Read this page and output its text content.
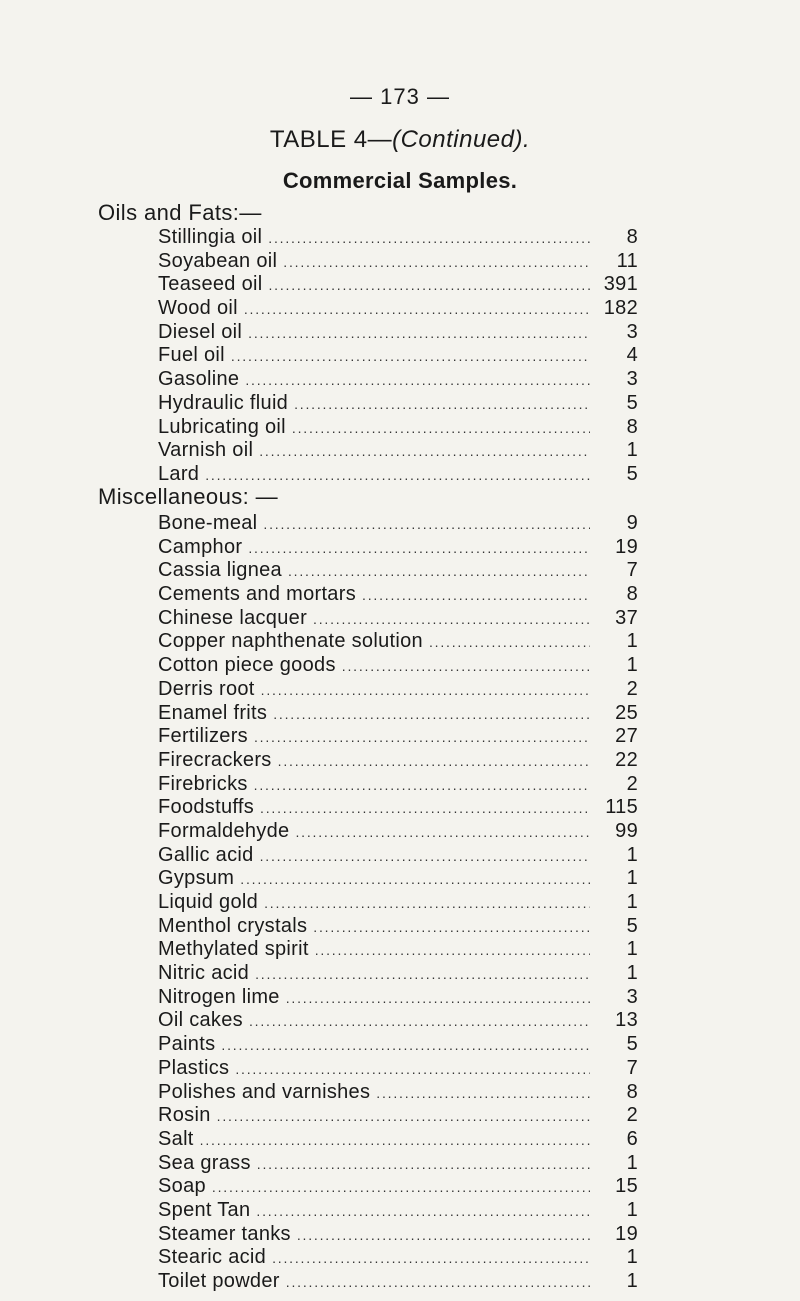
— 173 —
TABLE 4—(Continued).
Commercial Samples.
Oils and Fats:—
Stillingia oil .....	8
Soyabean oil .....	11
Teaseed oil .....	391
Wood oil .....	182
Diesel oil .....	3
Fuel oil .....	4
Gasoline .....	3
Hydraulic fluid .....	5
Lubricating oil .....	8
Varnish oil .....	1
Lard .....	5
Miscellaneous: —
Bone-meal .....	9
Camphor .....	19
Cassia lignea .....	7
Cements and mortars .....	8
Chinese lacquer .....	37
Copper naphthenate solution .....	1
Cotton piece goods .....	1
Derris root .....	2
Enamel frits .....	25
Fertilizers .....	27
Firecrackers .....	22
Firebricks .....	2
Foodstuffs .....	115
Formaldehyde .....	99
Gallic acid .....	1
Gypsum .....	1
Liquid gold .....	1
Menthol crystals .....	5
Methylated spirit .....	1
Nitric acid .....	1
Nitrogen lime .....	3
Oil cakes .....	13
Paints .....	5
Plastics .....	7
Polishes and varnishes .....	8
Rosin .....	2
Salt .....	6
Sea grass .....	1
Soap .....	15
Spent Tan .....	1
Steamer tanks .....	19
Stearic acid .....	1
Toilet powder .....	1
